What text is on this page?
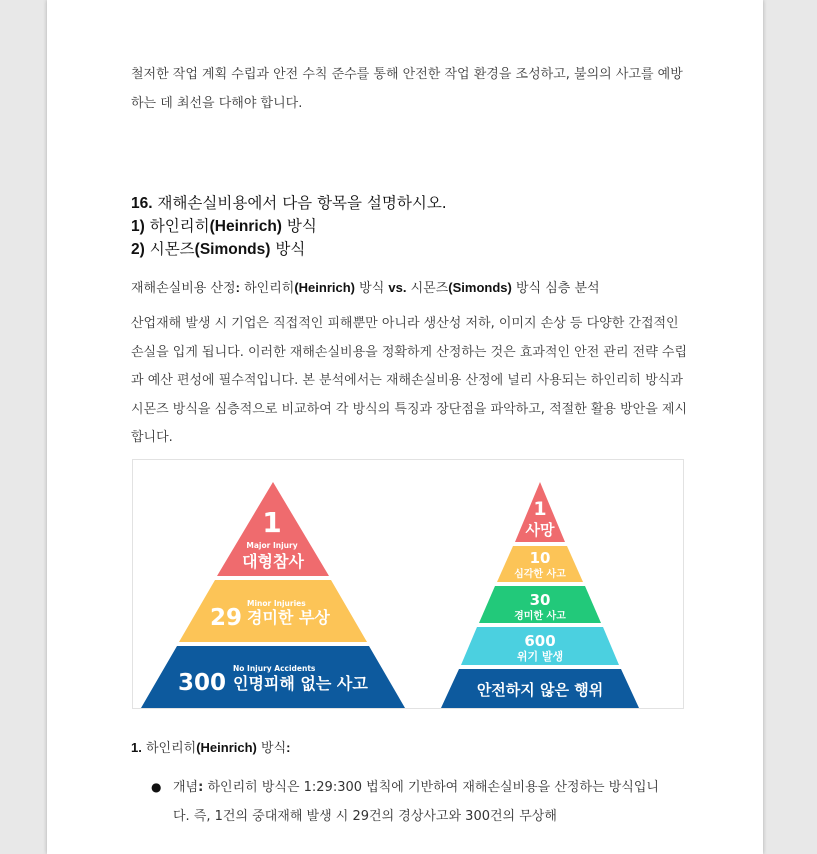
철저한 작업 계획 수립과 안전 수칙 준수를 통해 안전한 작업 환경을 조성하고, 불의의 사고를 예방하는 데 최선을 다해야 합니다.
16. 재해손실비용에서 다음 항목을 설명하시오.
1) 하인리히(Heinrich) 방식
2) 시몬즈(Simonds) 방식
재해손실비용 산정: 하인리히(Heinrich) 방식 vs. 시몬즈(Simonds) 방식 심층 분석
산업재해 발생 시 기업은 직접적인 피해뿐만 아니라 생산성 저하, 이미지 손상 등 다양한 간접적인 손실을 입게 됩니다. 이러한 재해손실비용을 정확하게 산정하는 것은 효과적인 안전 관리 전략 수립과 예산 편성에 필수적입니다. 본 분석에서는 재해손실비용 산정에 널리 사용되는 하인리히 방식과 시몬즈 방식을 심층적으로 비교하여 각 방식의 특징과 장단점을 파악하고, 적절한 활용 방안을 제시합니다.
1
Major Injury
대형참사
29
Minor Injuries
경미한 부상
300
No Injury Accidents
인명피해 없는 사고
1
사망
10
심각한 사고
30
경미한 사고
600
위기 발생
안전하지 않은 행위
1. 하인리히(Heinrich) 방식:
● 개념: 하인리히 방식은 1:29:300 법칙에 기반하여 재해손실비용을 산정하는 방식입니다. 즉, 1건의 중대재해 발생 시 29건의 경상사고와 300건의 무상해
